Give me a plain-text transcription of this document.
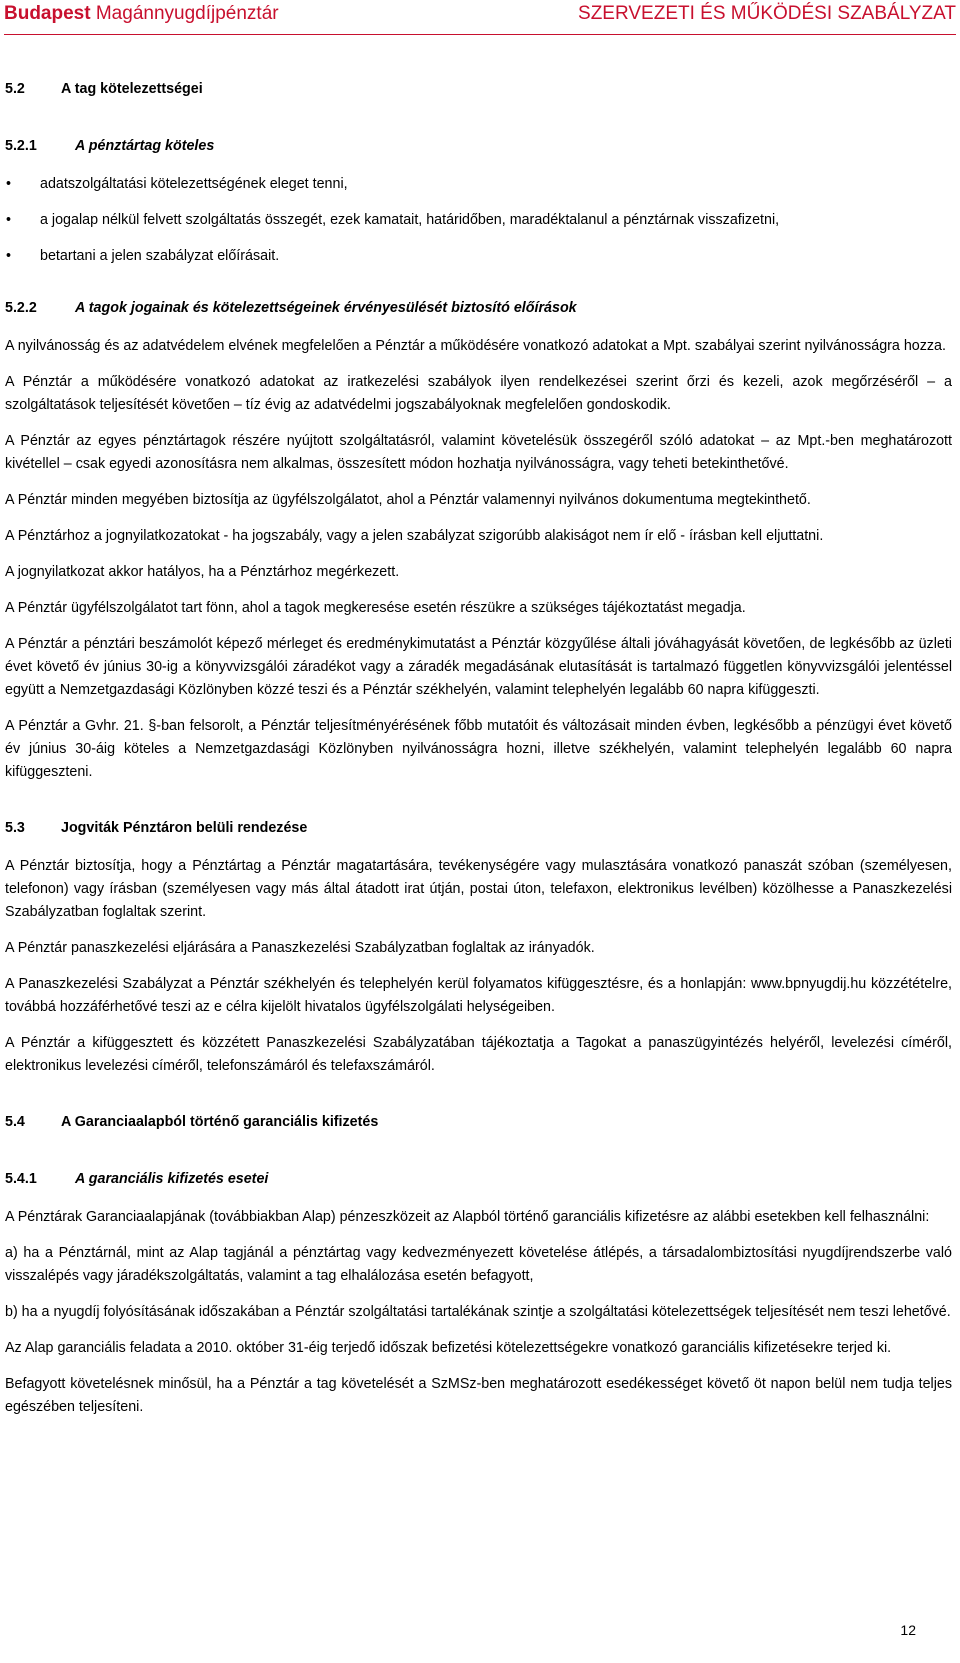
Budapest Magánnyugdíjpénztár	SZERVEZETI ÉS MŰKÖDÉSI SZABÁLYZAT
5.2	A tag kötelezettségei
5.2.1	A pénztártag köteles
• adatszolgáltatási kötelezettségének eleget tenni,
• a jogalap nélkül felvett szolgáltatás összegét, ezek kamatait, határidőben, maradéktalanul a pénztárnak visszafizetni,
• betartani a jelen szabályzat előírásait.
5.2.2	A tagok jogainak és kötelezettségeinek érvényesülését biztosító előírások

A nyilvánosság és az adatvédelem elvének megfelelően a Pénztár a működésére vonatkozó adatokat a Mpt. szabályai szerint nyilvánosságra hozza.

A Pénztár a működésére vonatkozó adatokat az iratkezelési szabályok ilyen rendelkezései szerint őrzi és kezeli, azok megőrzéséről – a szolgáltatások teljesítését követően – tíz évig az adatvédelmi jogszabályoknak megfelelően gondoskodik.

A Pénztár az egyes pénztártagok részére nyújtott szolgáltatásról, valamint követelésük összegéről szóló adatokat – az Mpt.-ben meghatározott kivétellel – csak egyedi azonosításra nem alkalmas, összesített módon hozhatja nyilvánosságra, vagy teheti betekinthetővé.

A Pénztár minden megyében biztosítja az ügyfélszolgálatot, ahol a Pénztár valamennyi nyilvános dokumentuma megtekinthető.

A Pénztárhoz a jognyilatkozatokat - ha jogszabály, vagy a jelen szabályzat szigorúbb alakiságot nem ír elő - írásban kell eljuttatni.

A jognyilatkozat akkor hatályos, ha a Pénztárhoz megérkezett.

A Pénztár ügyfélszolgálatot tart fönn, ahol a tagok megkeresése esetén részükre a szükséges tájékoztatást megadja.

A Pénztár a pénztári beszámolót képező mérleget és eredménykimutatást a Pénztár közgyűlése általi jóváhagyását követően, de legkésőbb az üzleti évet követő év június 30-ig a könyvvizsgálói záradékot vagy a záradék megadásának elutasítását is tartalmazó független könyvvizsgálói jelentéssel együtt a Nemzetgazdasági Közlönyben közzé teszi és a Pénztár székhelyén, valamint telephelyén legalább 60 napra kifüggeszti.

A Pénztár a Gvhr. 21. §-ban felsorolt, a Pénztár teljesítményérésének főbb mutatóit és változásait minden évben, legkésőbb a pénzügyi évet követő év június 30-áig köteles a Nemzetgazdasági Közlönyben nyilvánosságra hozni, illetve székhelyén, valamint telephelyén legalább 60 napra kifüggeszteni.

5.3	Jogviták Pénztáron belüli rendezése

A Pénztár biztosítja, hogy a Pénztártag a Pénztár magatartására, tevékenységére vagy mulasztására vonatkozó panaszát szóban (személyesen, telefonon) vagy írásban (személyesen vagy más által átadott irat útján, postai úton, telefaxon, elektronikus levélben) közölhesse a Panaszkezelési Szabályzatban foglaltak szerint.

A Pénztár panaszkezelési eljárására a Panaszkezelési Szabályzatban foglaltak az irányadók.

A Panaszkezelési Szabályzat a Pénztár székhelyén és telephelyén kerül folyamatos kifüggesztésre, és a honlapján: www.bpnyugdij.hu közzétételre, továbbá hozzáférhetővé teszi az e célra kijelölt hivatalos ügyfélszolgálati helységeiben.

A Pénztár a kifüggesztett és közzétett Panaszkezelési Szabályzatában tájékoztatja a Tagokat a panaszügyintézés helyéről, levelezési címéről, elektronikus levelezési címéről, telefonszámáról és telefaxszámáról.

5.4	A Garanciaalapból történő garanciális kifizetés
5.4.1	A garanciális kifizetés esetei

A Pénztárak Garanciaalapjának (továbbiakban Alap) pénzeszközeit az Alapból történő garanciális kifizetésre az alábbi esetekben kell felhasználni:

a) ha a Pénztárnál, mint az Alap tagjánál a pénztártag vagy kedvezményezett követelése átlépés, a társadalombiztosítási nyugdíjrendszerbe való visszalépés vagy járadékszolgáltatás, valamint a tag elhalálozása esetén befagyott,

b) ha a nyugdíj folyósításának időszakában a Pénztár szolgáltatási tartalékának szintje a szolgáltatási kötelezettségek teljesítését nem teszi lehetővé.

Az Alap garanciális feladata a 2010. október 31-éig terjedő időszak befizetési kötelezettségekre vonatkozó garanciális kifizetésekre terjed ki.

Befagyott követelésnek minősül, ha a Pénztár a tag követelését a SzMSz-ben meghatározott esedékességet követő öt napon belül nem tudja teljes egészében teljesíteni.

12
